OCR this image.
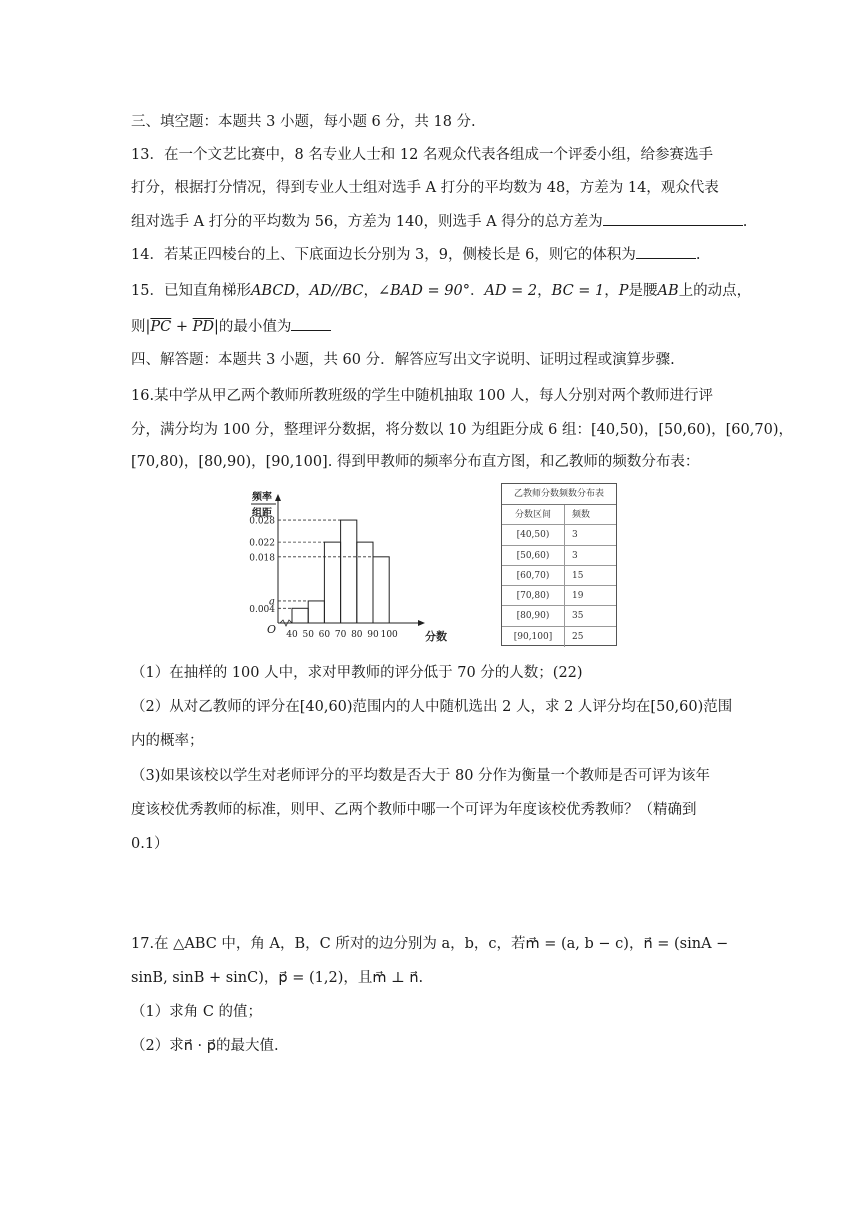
三、填空题：本题共 3 小题，每小题 6 分，共 18 分.

13．在一个文艺比赛中，8 名专业人士和 12 名观众代表各组成一个评委小组，给参赛选手

打分，根据打分情况，得到专业人士组对选手 A 打分的平均数为 48，方差为 14，观众代表

组对选手 A 打分的平均数为 56，方差为 140，则选手 A 得分的总方差为	.

14．若某正四棱台的上、下底面边长分别为 3，9，侧棱长是 6，则它的体积为	.

15．已知直角梯形ABCD，AD//BC，∠BAD = 90°．AD = 2，BC = 1，P是腰AB上的动点，

则$|\overline{PC} + \overline{PD}|$的最小值为

四、解答题：本题共 3 小题，共 60 分．解答应写出文字说明、证明过程或演算步骤.

16.某中学从甲乙两个教师所教班级的学生中随机抽取 100 人，每人分别对两个教师进行评

分，满分均为 100 分，整理评分数据，将分数以 10 为组距分成 6 组：[40,50)，[50,60)，[60,70)，

[70,80)，[80,90)，[90,100]. 得到甲教师的频率分布直方图，和乙教师的频数分布表：

频率
组距
O
分数
0.004
a
0.018
0.022
0.028
40 50 60 70 80 90 100
乙教师分数频数分布表
分数区间	频数
[40,50)	3
[50,60)	3
[60,70)	15
[70,80)	19
[80,90)	35
[90,100]	25

（1）在抽样的 100 人中，求对甲教师的评分低于 70 分的人数；(22)

（2）从对乙教师的评分在[40,60)范围内的人中随机选出 2 人，求 2 人评分均在[50,60)范围

内的概率；

（3)如果该校以学生对老师评分的平均数是否大于 80 分作为衡量一个教师是否可评为该年

度该校优秀教师的标准，则甲、乙两个教师中哪一个可评为年度该校优秀教师？（精确到

0.1）

17.在 △ABC 中，角 A，B，C 所对的边分别为 a，b，c，若m⃗ = (a, b − c)，n⃗ = (sinA −

sinB, sinB + sinC)，p⃗ = (1,2)，且m⃗ ⊥ n⃗.

（1）求角 C 的值；

（2）求n⃗ · p⃗的最大值.
